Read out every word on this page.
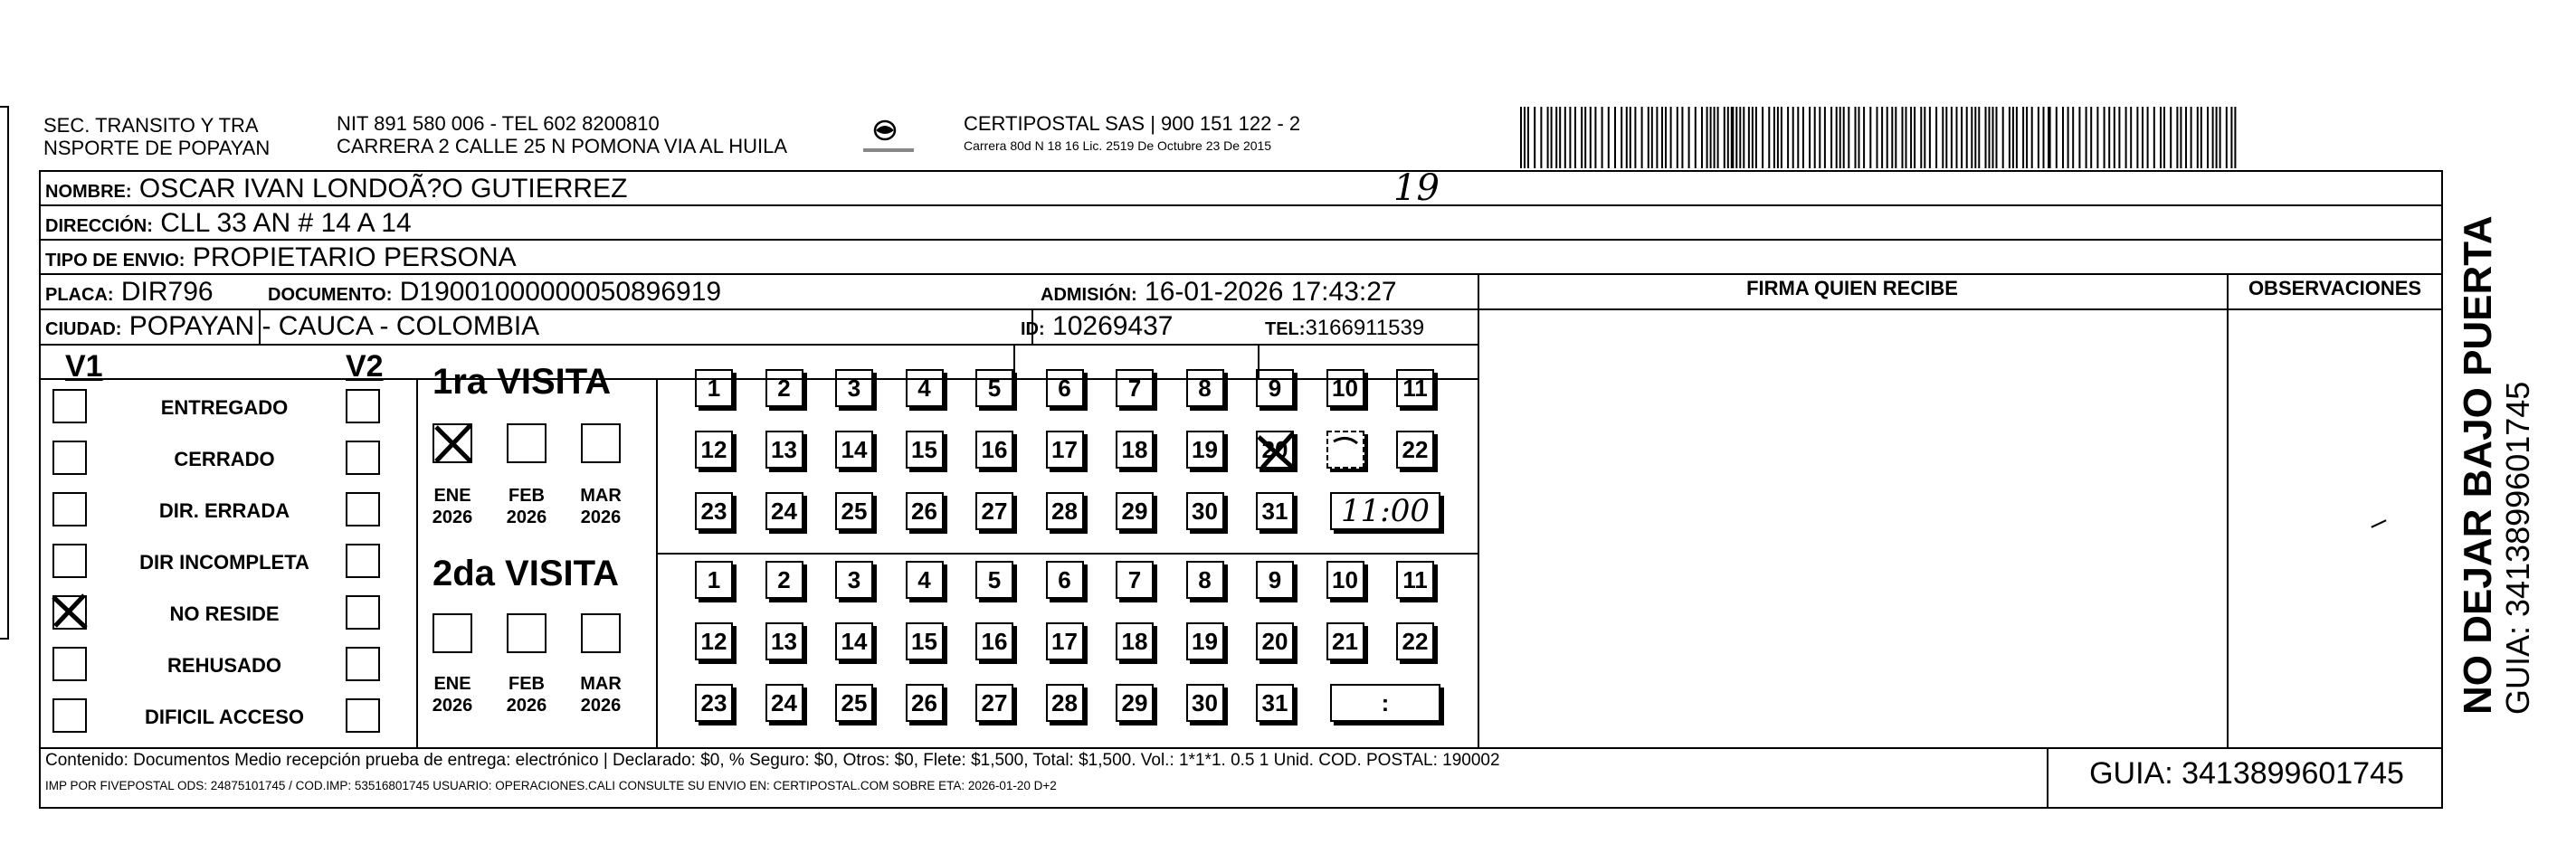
SEC. TRANSITO Y TRA
NSPORTE DE POPAYAN
NIT 891 580 006 - TEL 602 8200810
CARRERA 2 CALLE 25 N POMONA VIA AL HUILA
CERTIPOSTAL SAS | 900 151 122 - 2
Carrera 80d N 18 16 Lic. 2519 De Octubre 23 De 2015
NOMBRE: OSCAR IVAN LONDOÃ?O GUTIERREZ	19
DIRECCIÓN: CLL 33 AN # 14 A 14
TIPO DE ENVIO: PROPIETARIO PERSONA
FIRMA QUIEN RECIBE	OBSERVACIONES
PLACA: DIR796	DOCUMENTO: D19001000000050896919	ADMISIÓN: 16-01-2026 17:43:27
CIUDAD: POPAYAN - CAUCA - COLOMBIA	ID: 10269437	TEL:3166911539
V1	V2
ENTREGADO
CERRADO
DIR. ERRADA
DIR INCOMPLETA
NO RESIDE
REHUSADO
DIFICIL ACCESO
1ra VISITA
2da VISITA
ENE
2026
FEB
2026
MAR
2026
ENE
2026
FEB
2026
MAR
2026
1	2	3	4	5	6	7	8	9	10 11
12 13 14 15 16 17 18 19 20	22
23 24 25 26 27 28 29 30 31	11:00
1	2	3	4	5	6	7	8	9	10 11
12 13 14 15 16 17 18 19 20 21 22
23 24 25 26 27 28 29 30 31	:
Contenido: Documentos Medio recepción prueba de entrega: electrónico | Declarado: $0, % Seguro: $0, Otros: $0, Flete: $1,500, Total: $1,500. Vol.: 1*1*1. 0.5 1 Unid. COD. POSTAL: 190002
IMP POR FIVEPOSTAL ODS: 24875101745 / COD.IMP: 53516801745 USUARIO: OPERACIONES.CALI CONSULTE SU ENVIO EN: CERTIPOSTAL.COM SOBRE ETA: 2026-01-20 D+2	GUIA: 3413899601745
NO DEJAR BAJO PUERTA GUIA: 3413899601745
